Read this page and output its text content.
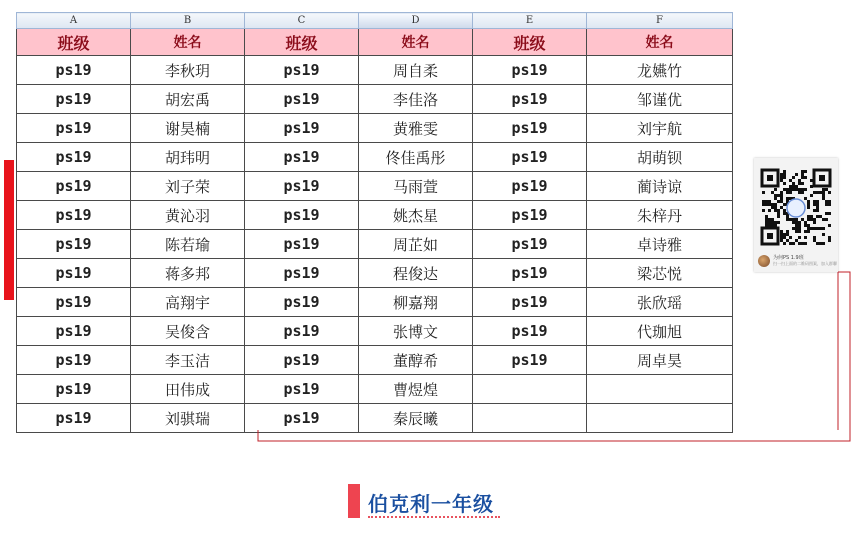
A	B	C	D	E	F
班级	姓名	班级	姓名	班级	姓名
ps19	李秋玥	ps19	周自柔	ps19	龙嬿竹
ps19	胡宏禹	ps19	李佳洛	ps19	邹谨优
ps19	谢昊楠	ps19	黄雅雯	ps19	刘宇航
ps19	胡玮明	ps19	佟佳禹彤	ps19	胡萌钡
ps19	刘子荣	ps19	马雨萱	ps19	蔺诗谅
ps19	黄沁羽	ps19	姚杰星	ps19	朱梓丹
ps19	陈若瑜	ps19	周芷如	ps19	卓诗雅
ps19	蒋多邦	ps19	程俊达	ps19	梁芯悦
ps19	高翔宇	ps19	柳嘉翔	ps19	张欣瑶
ps19	吴俊含	ps19	张博文	ps19	代珈旭
ps19	李玉洁	ps19	董醇希	ps19	周卓昊
ps19	田伟成	ps19	曹煜煌		
ps19	刘骐瑞	ps19	秦辰曦		
为何PS 1.9班
扫一扫上面的二维码图案，加入群聊
伯克利一年级
